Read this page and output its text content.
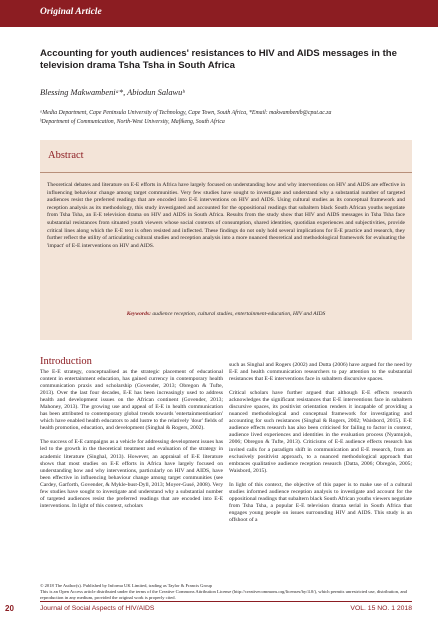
Original Article
Accounting for youth audiences' resistances to HIV and AIDS messages in the television drama Tsha Tsha in South Africa
Blessing Makwambeniᵃ*, Abiodun Salawuᵇ
ᵃMedia Department, Cape Peninsula University of Technology, Cape Town, South Africa, *Email: makwambenib@cput.ac.za
ᵇDepartment of Communication, North-West University, Mafikeng, South Africa
Abstract
Theoretical debates and literature on E-E efforts in Africa have largely focused on understanding how and why interventions on HIV and AIDS are effective in influencing behaviour change among target communities. Very few studies have sought to investigate and understand why a substantial number of targeted audiences resist the preferred readings that are encoded into E-E interventions on HIV and AIDS. Using cultural studies as its conceptual framework and reception analysis as its methodology, this study investigated and accounted for the oppositional readings that subaltern black South African youths negotiate from Tsha Tsha, an E-E television drama on HIV and AIDS in South Africa. Results from the study show that HIV and AIDS messages in Tsha Tsha face substantial resistances from situated youth viewers whose social contexts of consumption, shared identities, quotidian experiences and subjectivities, provide critical lines along which the E-E text is often resisted and inflected. These findings do not only hold several implications for E-E practice and research, they further reflect the utility of articulating cultural studies and reception analysis into a more nuanced theoretical and methodological framework for evaluating the 'impact' of E-E interventions on HIV and AIDS.
Keywords: audience reception, cultural studies, entertainment-education, HIV and AIDS
Introduction

The E-E strategy, conceptualised as the strategic placement of educational content in entertainment education, has gained currency in contemporary health communication praxis and scholarship (Govender, 2013; Obregon & Tufte, 2013). Over the last four decades, E-E has been increasingly used to address health and development issues on the African continent (Govender, 2013; Mahoney, 2013). The growing use and appeal of E-E in health communication has been attributed to contemporary global trends towards 'entertainmentisation' which have enabled health educators to add lustre to the relatively 'dour' fields of health promotion, education, and development (Singhal & Rogers, 2002).

The success of E-E campaigns as a vehicle for addressing development issues has led to the growth in the theoretical treatment and evaluation of the strategy in academic literature (Singhal, 2013). However, an appraisal of E-E literature shows that most studies on E-E efforts in Africa have largely focused on understanding how and why interventions, particularly on HIV and AIDS, have been effective in influencing behaviour change among target communities (see Cardey, Garforth, Govender, & Mykle-bust-Dyll, 2013; Moyer-Gusé, 2008). Very few studies have sought to investigate and understand why a substantial number of targeted audiences resist the preferred readings that are encoded into E-E interventions. In light of this context, scholars

such as Singhal and Rogers (2002) and Dutta (2006) have argued for the need by E-E and health communication researchers to pay attention to the substantial resistances that E-E interventions face in subaltern discursive spaces.

Critical scholars have further argued that although E-E effects research acknowledges the significant resistances that E-E interventions face in subaltern discursive spaces, its positivist orientation renders it incapable of providing a nuanced methodological and conceptual framework for investigating and accounting for such resistances (Singhal & Rogers, 2002; Waisbord, 2015). E-E audience effects research has also been criticised for failing to factor in context, audience lived experiences and identities in the evaluation process (Nyamnjoh, 2006; Obregon & Tufte, 2013). Criticisms of E-E audience effects research has invited calls for a paradigm shift in communication and E-E research, from an exclusively positivist approach, to a nuanced methodological approach that embraces qualitative audience reception research (Datta, 2006; Obregón, 2005; Waisbord, 2015).

In light of this context, the objective of this paper is to make use of a cultural studies informed audience reception analysis to investigate and account for the oppositional readings that subaltern black South African youths viewers negotiate from Tsha Tsha, a popular E-E television drama serial in South Africa that engages young people on issues surrounding HIV and AIDS. This study is an offshoot of a

© 2018 The Author(s). Published by Informa UK Limited, trading as Taylor & Francis Group
This is an Open Access article distributed under the terms of the Creative Commons Attribution License (http://creativecommons.org/licenses/by/4.0/), which permits unrestricted use, distribution, and reproduction in any medium, provided the original work is properly cited.
20	Journal of Social Aspects of HIV/AIDS	VOL. 15 NO. 1 2018
